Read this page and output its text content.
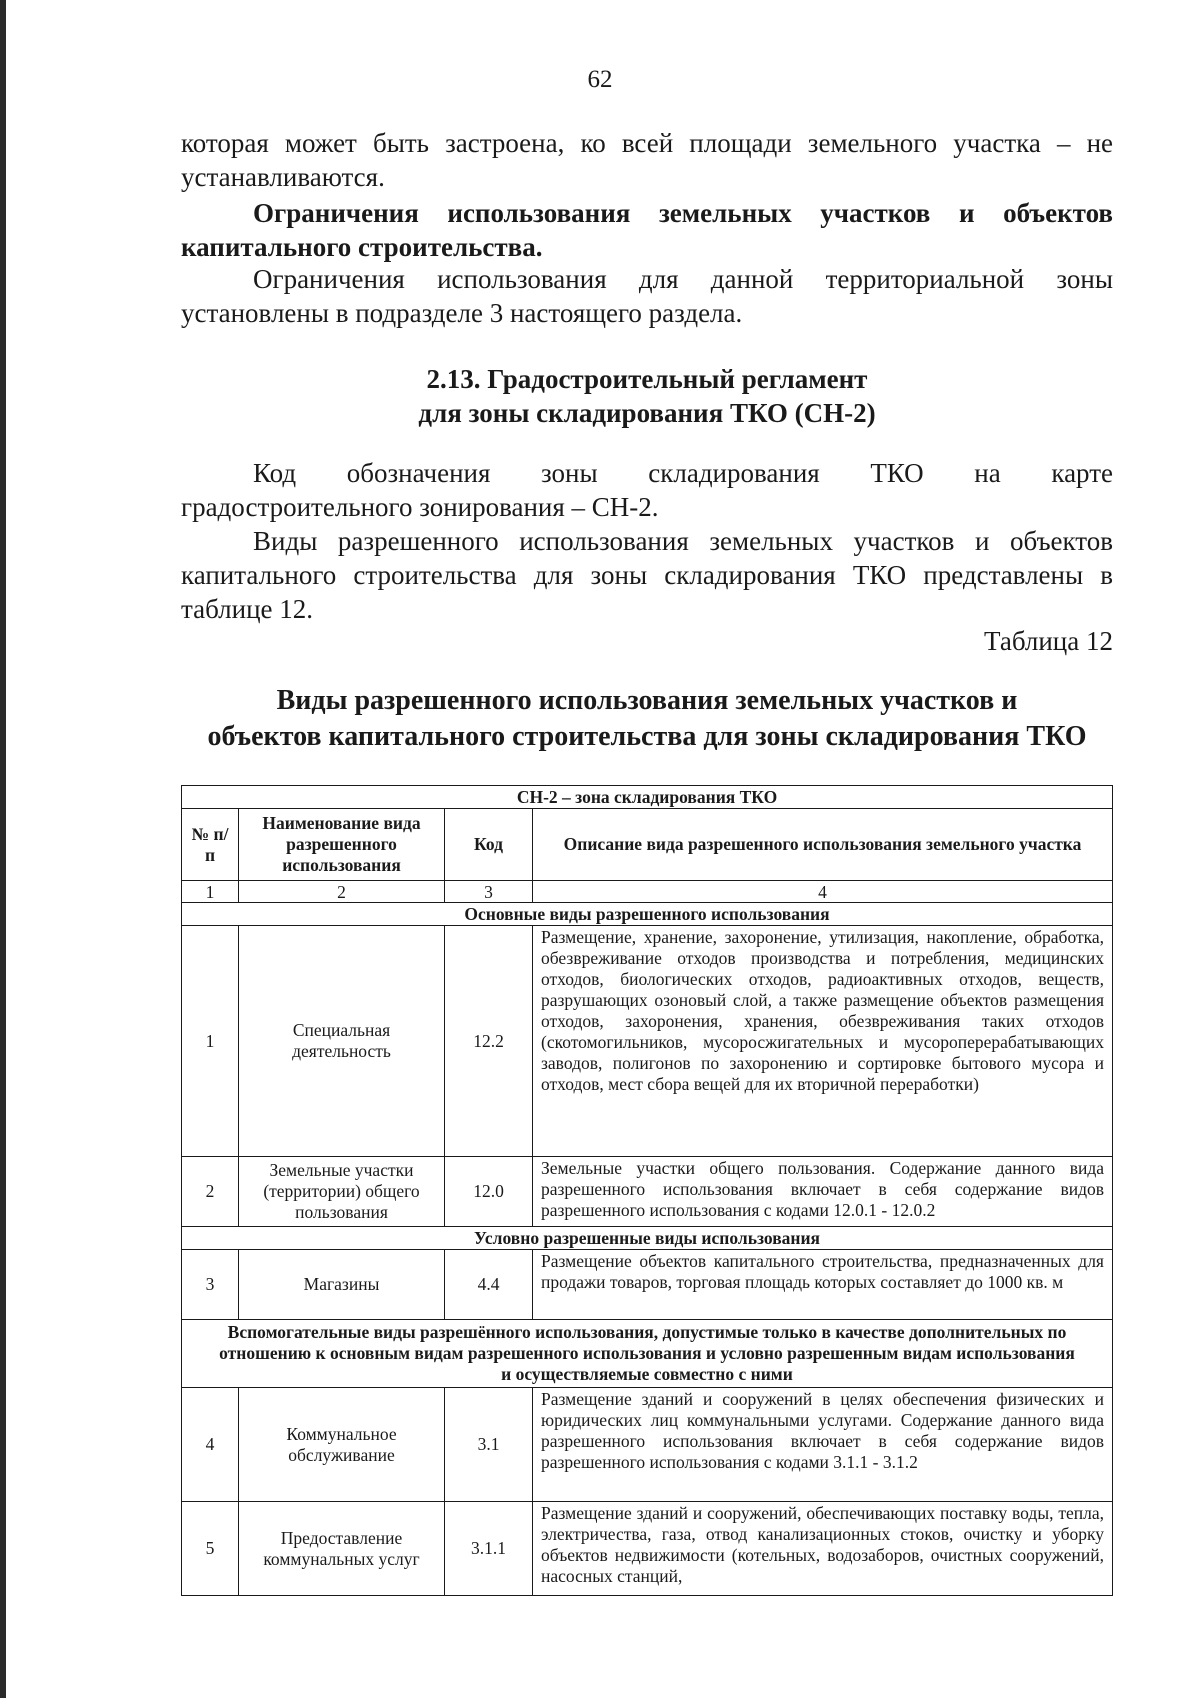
62

которая может быть застроена, ко всей площади земельного участка – не

устанавливаются.

Ограничения использования земельных участков и объектов

капитального строительства.

Ограничения использования для данной территориальной зоны

установлены в подразделе 3 настоящего раздела.

2.13. Градостроительный регламент

для зоны складирования ТКО (СН-2)

Код обозначения зоны складирования ТКО на карте

градостроительного зонирования – СН-2.

Виды разрешенного использования земельных участков и объектов

капитального строительства для зоны складирования ТКО представлены в

таблице 12.

Таблица 12

Виды разрешенного использования земельных участков и

объектов капитального строительства для зоны складирования ТКО

СН-2 – зона складирования ТКО			
№ п/п	Наименование вида разрешенного использования	Код	Описание вида разрешенного использования земельного участка
1	2	3	4
Основные виды разрешенного использования			
1	Специальная деятельность	12.2	Размещение, хранение, захоронение, утилизация, накопление, обработка, обезвреживание отходов производства и потребления, медицинских отходов, биологических отходов, радиоактивных отходов, веществ, разрушающих озоновый слой, а также размещение объектов размещения отходов, захоронения, хранения, обезвреживания таких отходов (скотомогильников, мусоросжигательных и мусороперерабатывающих заводов, полигонов по захоронению и сортировке бытового мусора и отходов, мест сбора вещей для их вторичной переработки)
2	Земельные участки (территории) общего пользования	12.0	Земельные участки общего пользования. Содержание данного вида разрешенного использования включает в себя содержание видов разрешенного использования с кодами 12.0.1 - 12.0.2
Условно разрешенные виды использования			
3	Магазины	4.4	Размещение объектов капитального строительства, предназначенных для продажи товаров, торговая площадь которых составляет до 1000 кв. м
Вспомогательные виды разрешённого использования, допустимые только в качестве дополнительных по отношению к основным видам разрешенного использования и условно разрешенным видам использования и осуществляемые совместно с ними			
4	Коммунальное обслуживание	3.1	Размещение зданий и сооружений в целях обеспечения физических и юридических лиц коммунальными услугами. Содержание данного вида разрешенного использования включает в себя содержание видов разрешенного использования с кодами 3.1.1 - 3.1.2
5	Предоставление коммунальных услуг	3.1.1	Размещение зданий и сооружений, обеспечивающих поставку воды, тепла, электричества, газа, отвод канализационных стоков, очистку и уборку объектов недвижимости (котельных, водозаборов, очистных сооружений, насосных станций,
